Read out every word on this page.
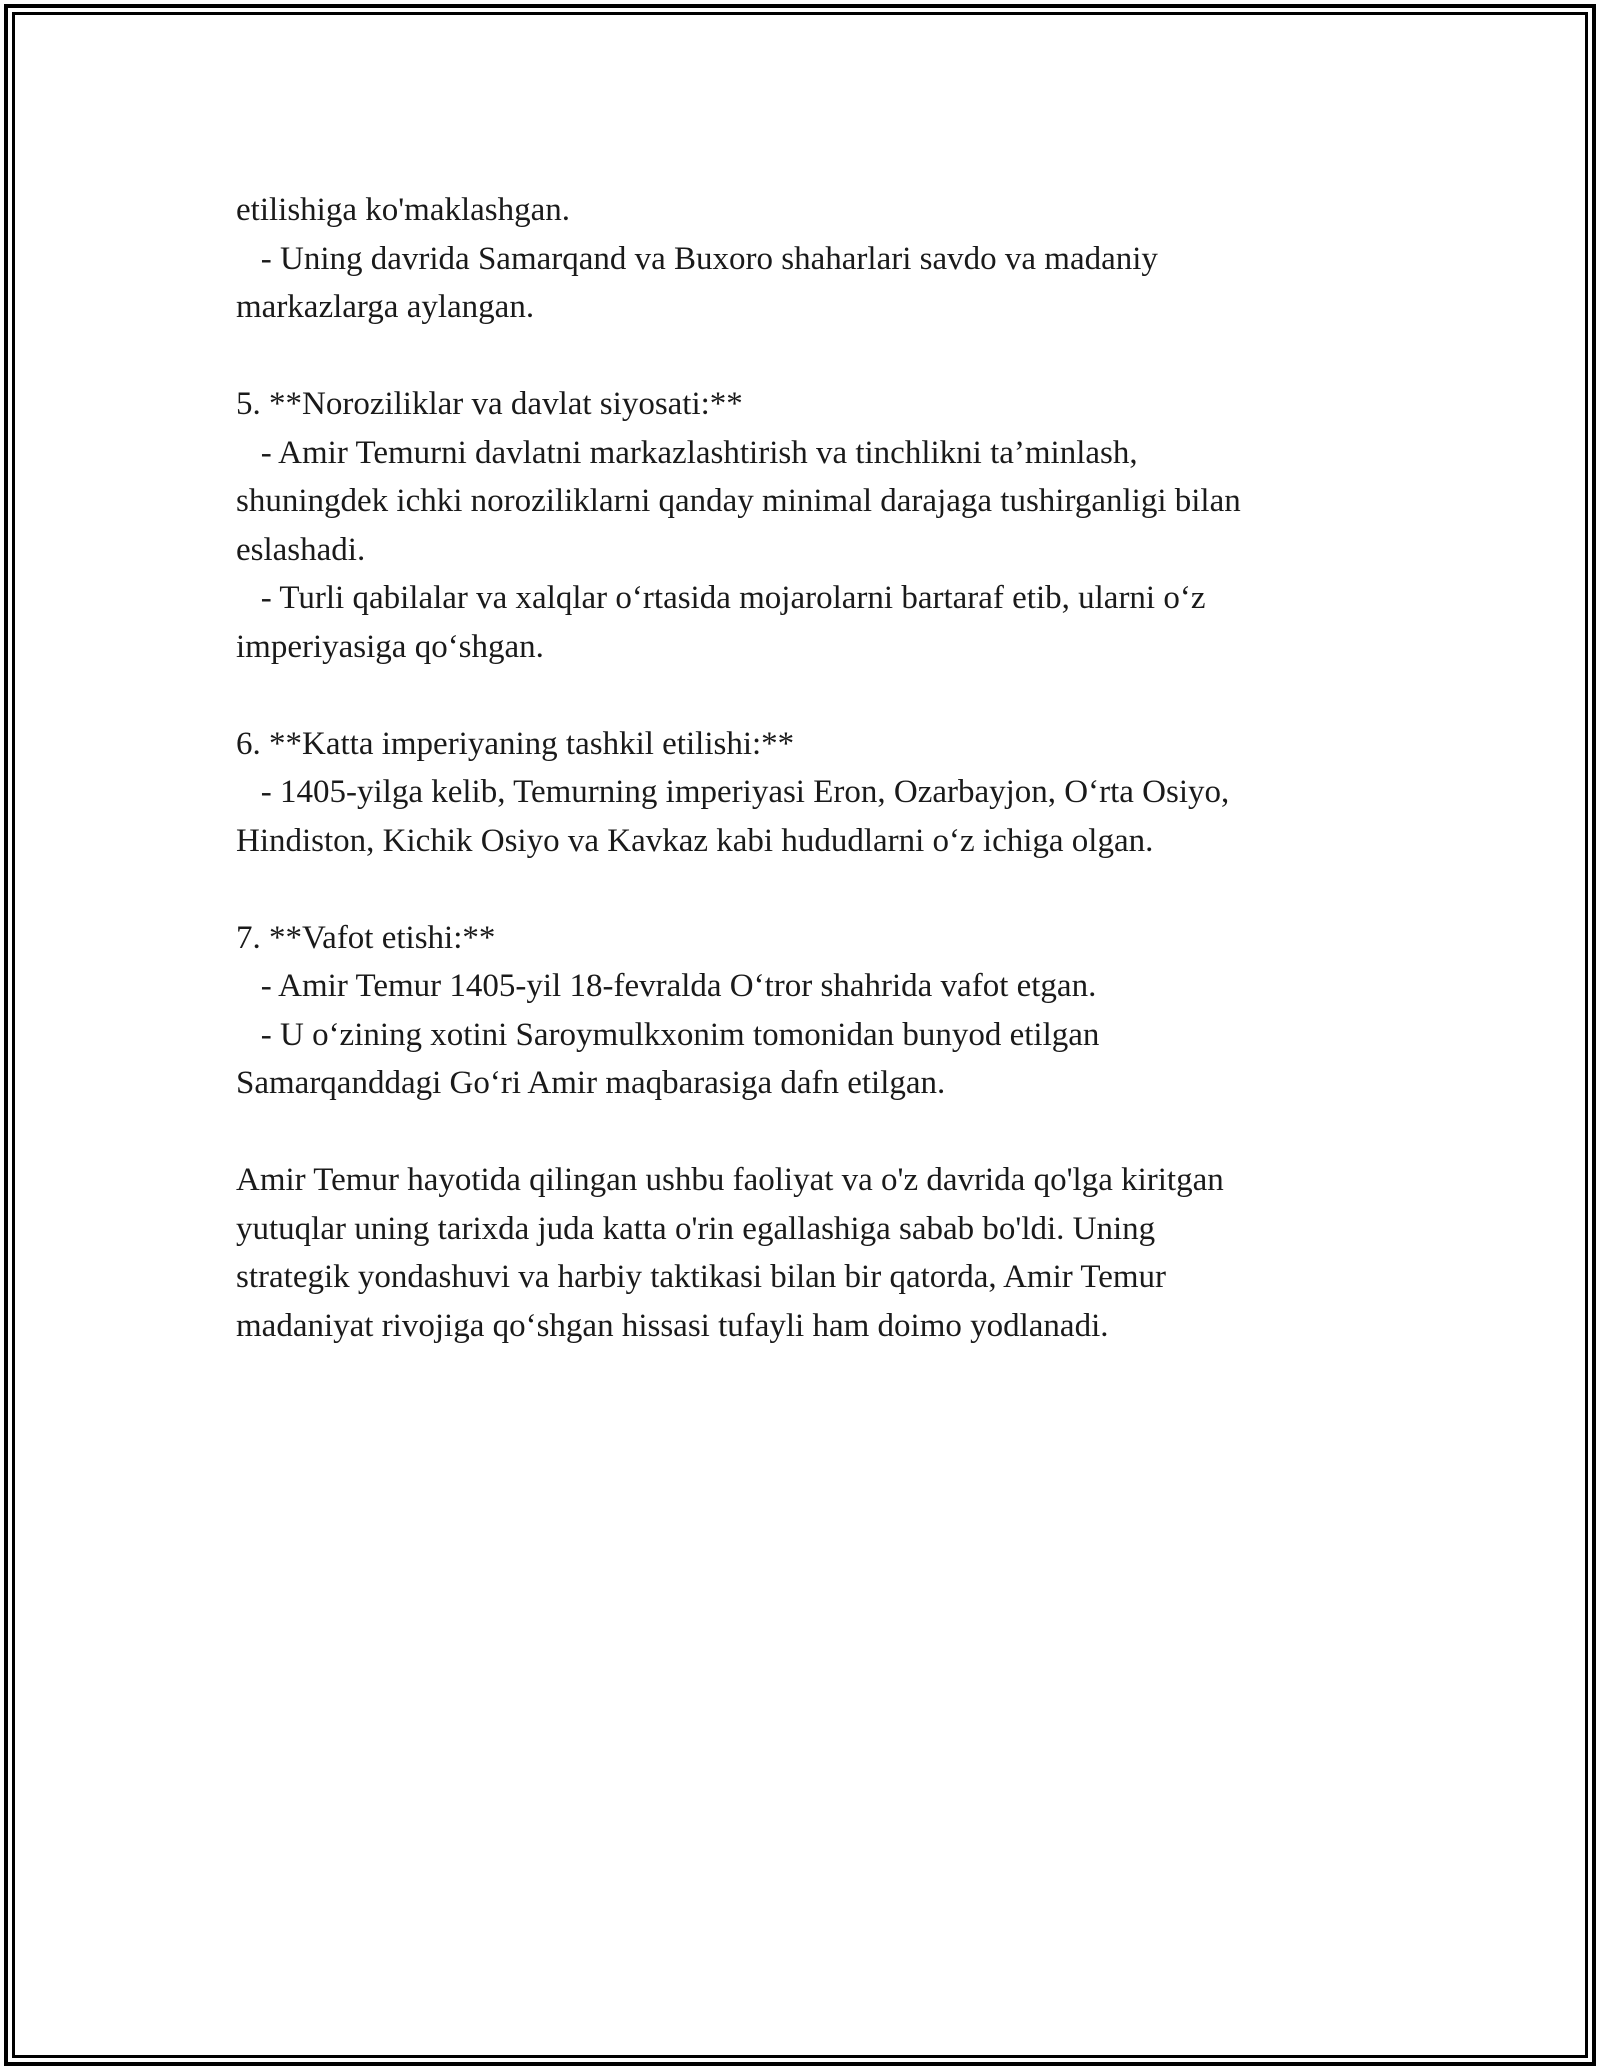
etilishiga ko'maklashgan.
- Uning davrida Samarqand va Buxoro shaharlari savdo va madaniy
markazlarga aylangan.
5. **Noroziliklar va davlat siyosati:**
- Amir Temurni davlatni markazlashtirish va tinchlikni ta’minlash,
shuningdek ichki noroziliklarni qanday minimal darajaga tushirganligi bilan
eslashadi.
- Turli qabilalar va xalqlar o‘rtasida mojarolarni bartaraf etib, ularni o‘z
imperiyasiga qo‘shgan.
6. **Katta imperiyaning tashkil etilishi:**
- 1405-yilga kelib, Temurning imperiyasi Eron, Ozarbayjon, O‘rta Osiyo,
Hindiston, Kichik Osiyo va Kavkaz kabi hududlarni o‘z ichiga olgan.
7. **Vafot etishi:**
- Amir Temur 1405-yil 18-fevralda O‘tror shahrida vafot etgan.
- U o‘zining xotini Saroymulkxonim tomonidan bunyod etilgan
Samarqanddagi Go‘ri Amir maqbarasiga dafn etilgan.
Amir Temur hayotida qilingan ushbu faoliyat va o'z davrida qo'lga kiritgan
yutuqlar uning tarixda juda katta o'rin egallashiga sabab bo'ldi. Uning
strategik yondashuvi va harbiy taktikasi bilan bir qatorda, Amir Temur
madaniyat rivojiga qo‘shgan hissasi tufayli ham doimo yodlanadi.
